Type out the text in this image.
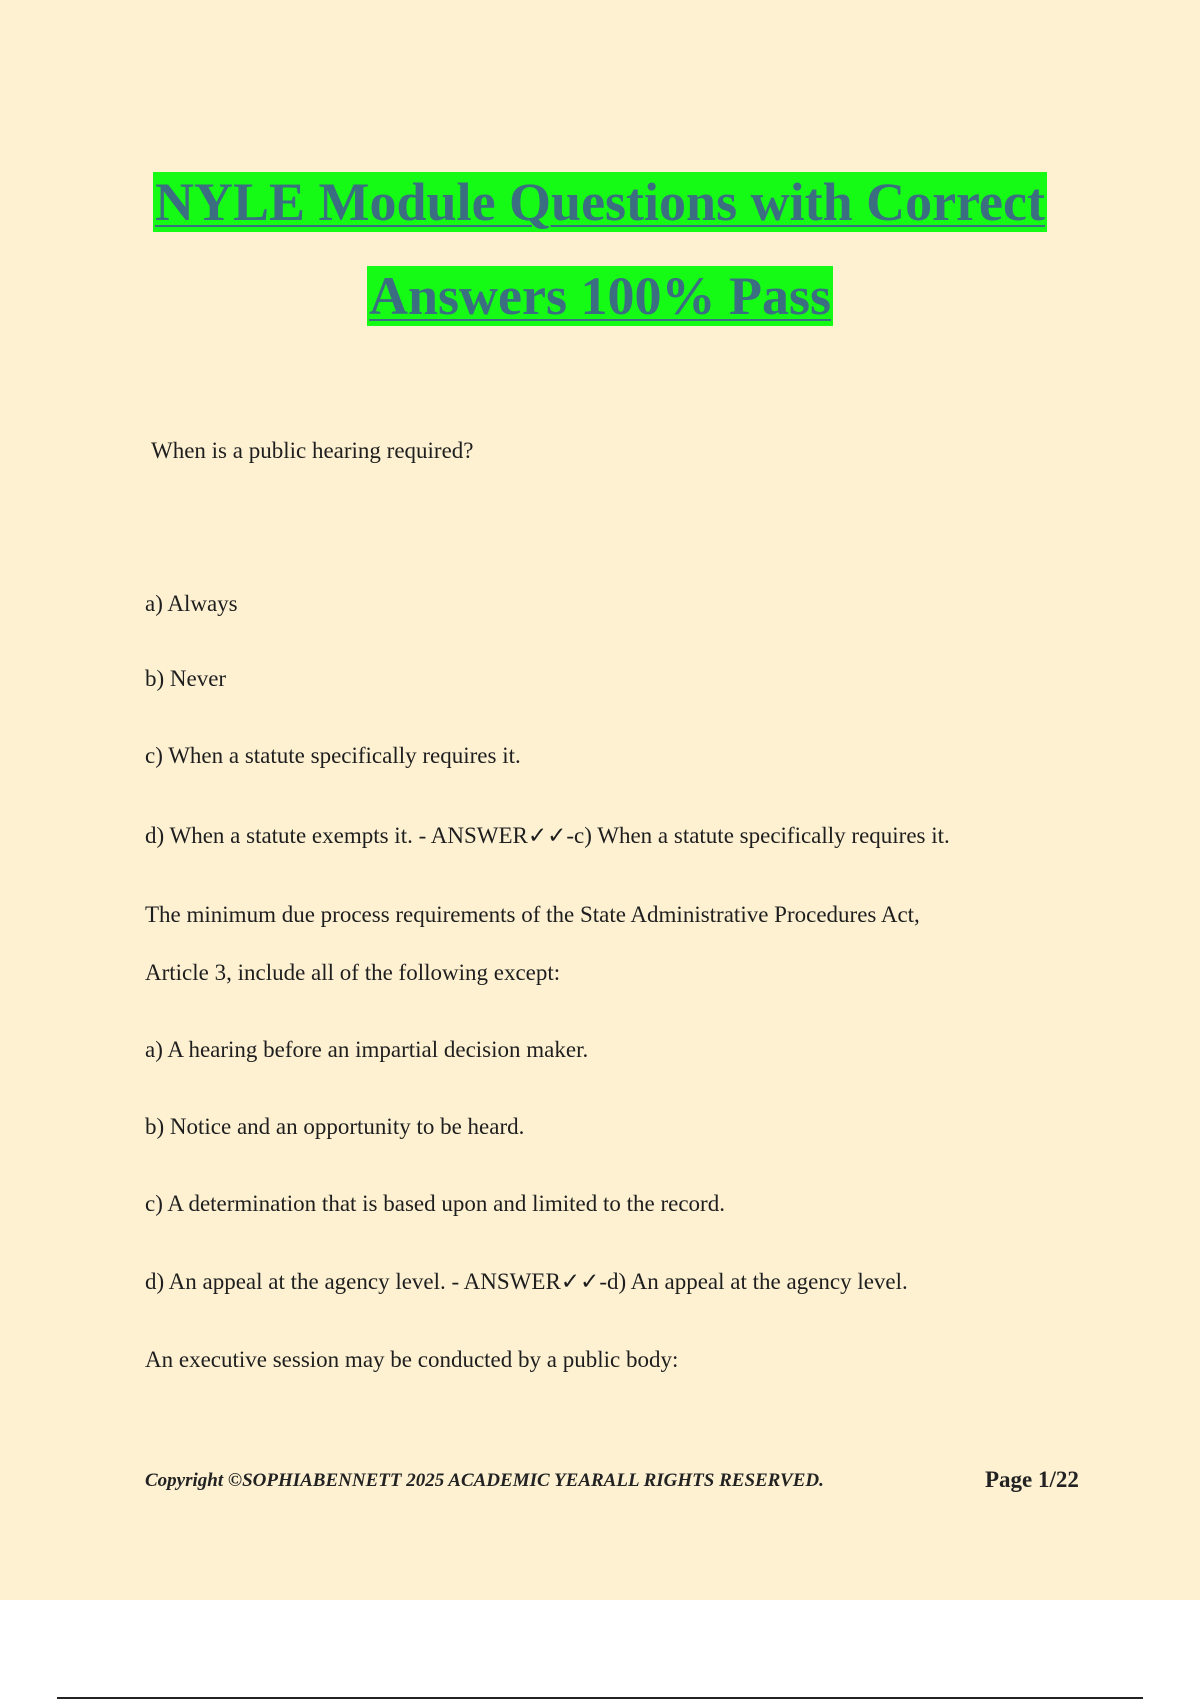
NYLE Module Questions with Correct
Answers 100% Pass
When is a public hearing required?
a) Always
b) Never
c) When a statute specifically requires it.
d) When a statute exempts it. - ANSWER✓✓-c) When a statute specifically requires it.
The minimum due process requirements of the State Administrative Procedures Act,
Article 3, include all of the following except:
a) A hearing before an impartial decision maker.
b) Notice and an opportunity to be heard.
c) A determination that is based upon and limited to the record.
d) An appeal at the agency level. - ANSWER✓✓-d) An appeal at the agency level.
An executive session may be conducted by a public body:
Copyright ©SOPHIABENNETT 2025 ACADEMIC YEARALL RIGHTS RESERVED.	Page 1/22
